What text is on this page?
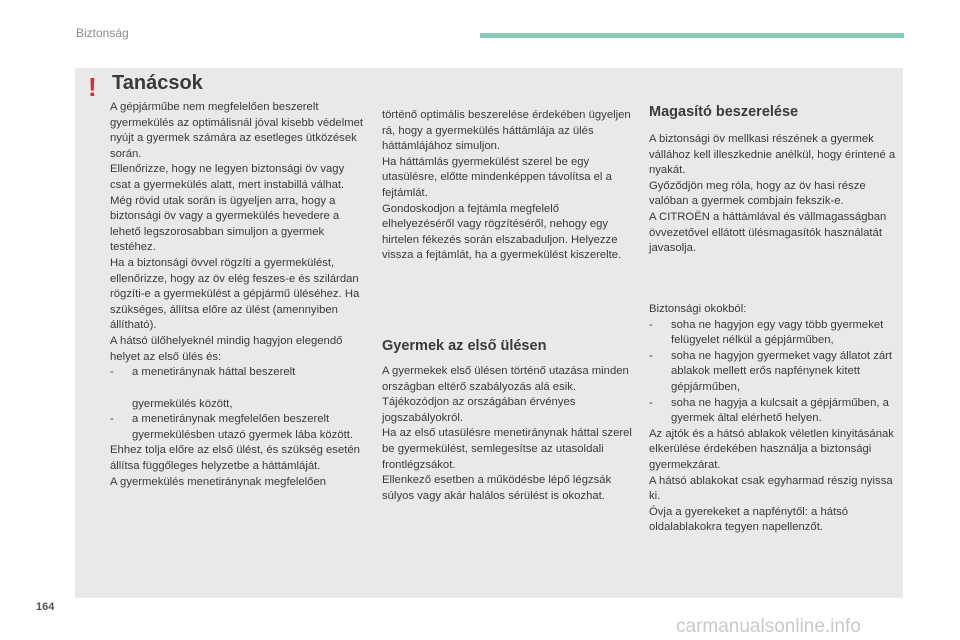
Biztonság
! Tanácsok

A gépjárműbe nem megfelelően beszerelt gyermekülés az optimálisnál jóval kisebb védelmet nyújt a gyermek számára az esetleges ütközések során.

Ellenőrizze, hogy ne legyen biztonsági öv vagy csat a gyermekülés alatt, mert instabillá válhat.

Még rövid utak során is ügyeljen arra, hogy a biztonsági öv vagy a gyermekülés hevedere a lehető legszorosabban simuljon a gyermek testéhez.

Ha a biztonsági övvel rögzíti a gyermekülést, ellenőrizze, hogy az öv elég feszes-e és szilárdan rögzíti-e a gyermekülést a gépjármű üléséhez. Ha szükséges, állítsa előre az ülést (amennyiben állítható).

A hátsó ülőhelyeknél mindig hagyjon elegendő helyet az első ülés és:

- a menetiránynak háttal beszerelt
gyermekülés között,
- a menetiránynak megfelelően beszerelt gyermekülésben utazó gyermek lába között.

Ehhez tolja előre az első ülést, és szükség esetén állítsa függőleges helyzetbe a háttámláját.

A gyermekülés menetiránynak megfelelően

történő optimális beszerelése érdekében ügyeljen rá, hogy a gyermekülés háttámlája az ülés háttámlájához simuljon.

Ha háttámlás gyermekülést szerel be egy utasülésre, előtte mindenképpen távolítsa el a fejtámlát.

Gondoskodjon a fejtámla megfelelő elhelyezéséről vagy rögzítéséről, nehogy egy hirtelen fékezés során elszabaduljon. Helyezze vissza a fejtámlát, ha a gyermekülést kiszerelte.

Gyermek az első ülésen

A gyermekek első ülésen történő utazása minden országban eltérő szabályozás alá esik. Tájékozódjon az országában érvényes jogszabályokról.

Ha az első utasülésre menetiránynak háttal szerel be gyermekülést, semlegesítse az utasoldali frontlégzsákot.

Ellenkező esetben a működésbe lépő légzsák súlyos vagy akár halálos sérülést is okozhat.

Magasító beszerelése

A biztonsági öv mellkasi részének a gyermek vállához kell illeszkednie anélkül, hogy érintené a nyakát.

Győződjön meg róla, hogy az öv hasi része valóban a gyermek combjain fekszik-e.

A CITROËN a háttámlával és vállmagasságban övvezetővel ellátott ülésmagasítók használatát javasolja.

Biztonsági okokból:

- soha ne hagyjon egy vagy több gyermeket felügyelet nélkül a gépjárműben,
- soha ne hagyjon gyermeket vagy állatot zárt ablakok mellett erős napfénynek kitett gépjárműben,
- soha ne hagyja a kulcsait a gépjárműben, a gyermek által elérhető helyen.

Az ajtók és a hátsó ablakok véletlen kinyitásának elkerülése érdekében használja a biztonsági gyermekzárat.

A hátsó ablakokat csak egyharmad részig nyissa ki.

Óvja a gyerekeket a napfénytől: a hátsó oldalablakokra tegyen napellenzőt.

164
carmanualsonline.info
